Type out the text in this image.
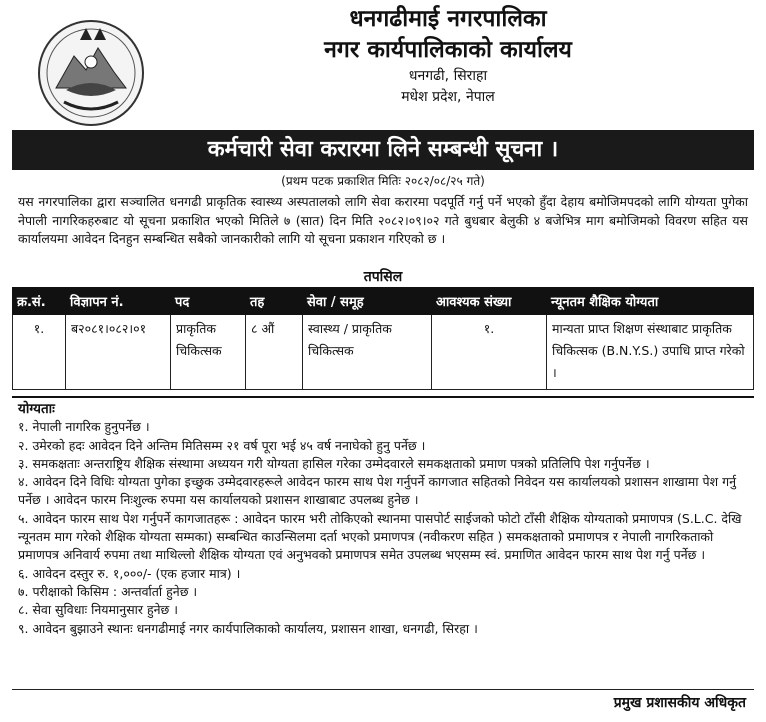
धनगढीमाई नगरपालिका
नगर कार्यपालिकाको कार्यालय
धनगढी, सिराहा
मधेश प्रदेश, नेपाल
कर्मचारी सेवा करारमा लिने सम्बन्धी सूचना ।
(प्रथम पटक प्रकाशित मितिः २०८२/०८/२५ गते)
यस नगरपालिका द्वारा सञ्चालित धनगढी प्राकृतिक स्वास्थ्य अस्पतालको लागि सेवा करारमा पदपूर्ति गर्नु पर्ने भएको हुँदा देहाय बमोजिमपदको लागि योग्यता पुगेका नेपाली नागरिकहरुबाट यो सूचना प्रकाशित भएको मितिले ७ (सात) दिन मिति २०८२।०९।०२ गते बुधबार बेलुकी ४ बजेभित्र माग बमोजिमको विवरण सहित यस कार्यालयमा आवेदन दिनहुन सम्बन्धित सबैको जानकारीको लागि यो सूचना प्रकाशन गरिएको छ ।
तपसिल
क्र.सं.	विज्ञापन नं.	पद	तह	सेवा / समूह	आवश्यक संख्या	न्यूनतम शैक्षिक योग्यता
१.	ब२०८१।०८२।०१	प्राकृतिक चिकित्सक	८ औं	स्वास्थ्य / प्राकृतिक चिकित्सक	१.	मान्यता प्राप्त शिक्षण संस्थाबाट प्राकृतिक चिकित्सक (B.N.Y.S.) उपाधि प्राप्त गरेको ।
योग्यताः

१. नेपाली नागरिक हुनुपर्नेछ ।

२. उमेरको हदः आवेदन दिने अन्तिम मितिसम्म २१ वर्ष पूरा भई ४५ वर्ष ननाघेको हुनु पर्नेछ ।

३. समकक्षताः अन्तराष्ट्रिय शैक्षिक संस्थामा अध्ययन गरी योग्यता हासिल गरेका उम्मेदवारले समकक्षताको प्रमाण पत्रको प्रतिलिपि पेश गर्नुपर्नेछ ।

४. आवेदन दिने विधिः योग्यता पुगेका इच्छुक उम्मेदवारहरूले आवेदन फारम साथ पेश गर्नुपर्ने कागजात सहितको निवेदन यस कार्यालयको प्रशासन शाखामा पेश गर्नु पर्नेछ । आवेदन फारम निःशुल्क रुपमा यस कार्यालयको प्रशासन शाखाबाट उपलब्ध हुनेछ ।

५. आवेदन फारम साथ पेश गर्नुपर्ने कागजातहरू : आवेदन फारम भरी तोकिएको स्थानमा पासपोर्ट साईजको फोटो टाँसी शैक्षिक योग्यताको प्रमाणपत्र (S.L.C. देखि न्यूनतम माग गरेको शैक्षिक योग्यता सम्मका) सम्बन्धित काउन्सिलमा दर्ता भएको प्रमाणपत्र (नवीकरण सहित ) समकक्षताको प्रमाणपत्र र नेपाली नागरिकताको प्रमाणपत्र अनिवार्य रुपमा तथा माथिल्लो शैक्षिक योग्यता एवं अनुभवको प्रमाणपत्र समेत उपलब्ध भएसम्म स्वं. प्रमाणित आवेदन फारम साथ पेश गर्नु पर्नेछ ।

६. आवेदन दस्तुर रु. १,०००/- (एक हजार मात्र) ।

७. परीक्षाको किसिम : अन्तर्वार्ता हुनेछ ।

८. सेवा सुविधाः नियमानुसार हुनेछ ।

९. आवेदन बुझाउने स्थानः धनगढीमाई नगर कार्यपालिकाको कार्यालय, प्रशासन शाखा, धनगढी, सिरहा ।

प्रमुख प्रशासकीय अधिकृत
